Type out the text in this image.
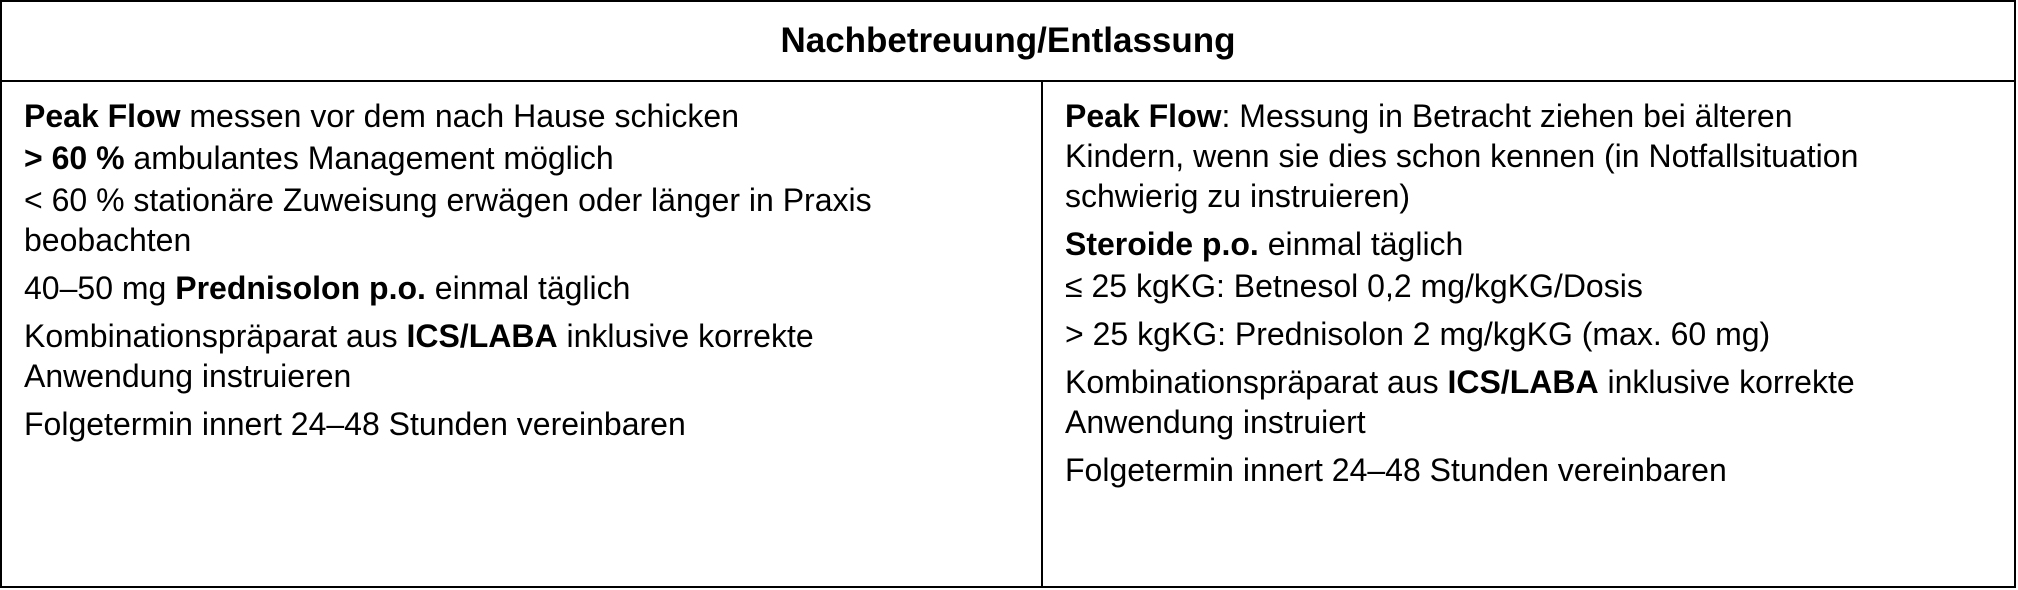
Nachbetreuung/Entlassung
Peak Flow messen vor dem nach Hause schicken
> 60 % ambulantes Management möglich
< 60 % stationäre Zuweisung erwägen oder länger in Praxis
beobachten
40–50 mg Prednisolon p.o. einmal täglich
Kombinationspräparat aus ICS/LABA inklusive korrekte
Anwendung instruieren
Folgetermin innert 24–48 Stunden vereinbaren
Peak Flow: Messung in Betracht ziehen bei älteren
Kindern, wenn sie dies schon kennen (in Notfallsituation
schwierig zu instruieren)
Steroide p.o. einmal täglich
≤ 25 kgKG: Betnesol 0,2 mg/kgKG/Dosis
> 25 kgKG: Prednisolon 2 mg/kgKG (max. 60 mg)
Kombinationspräparat aus ICS/LABA inklusive korrekte
Anwendung instruiert
Folgetermin innert 24–48 Stunden vereinbaren
